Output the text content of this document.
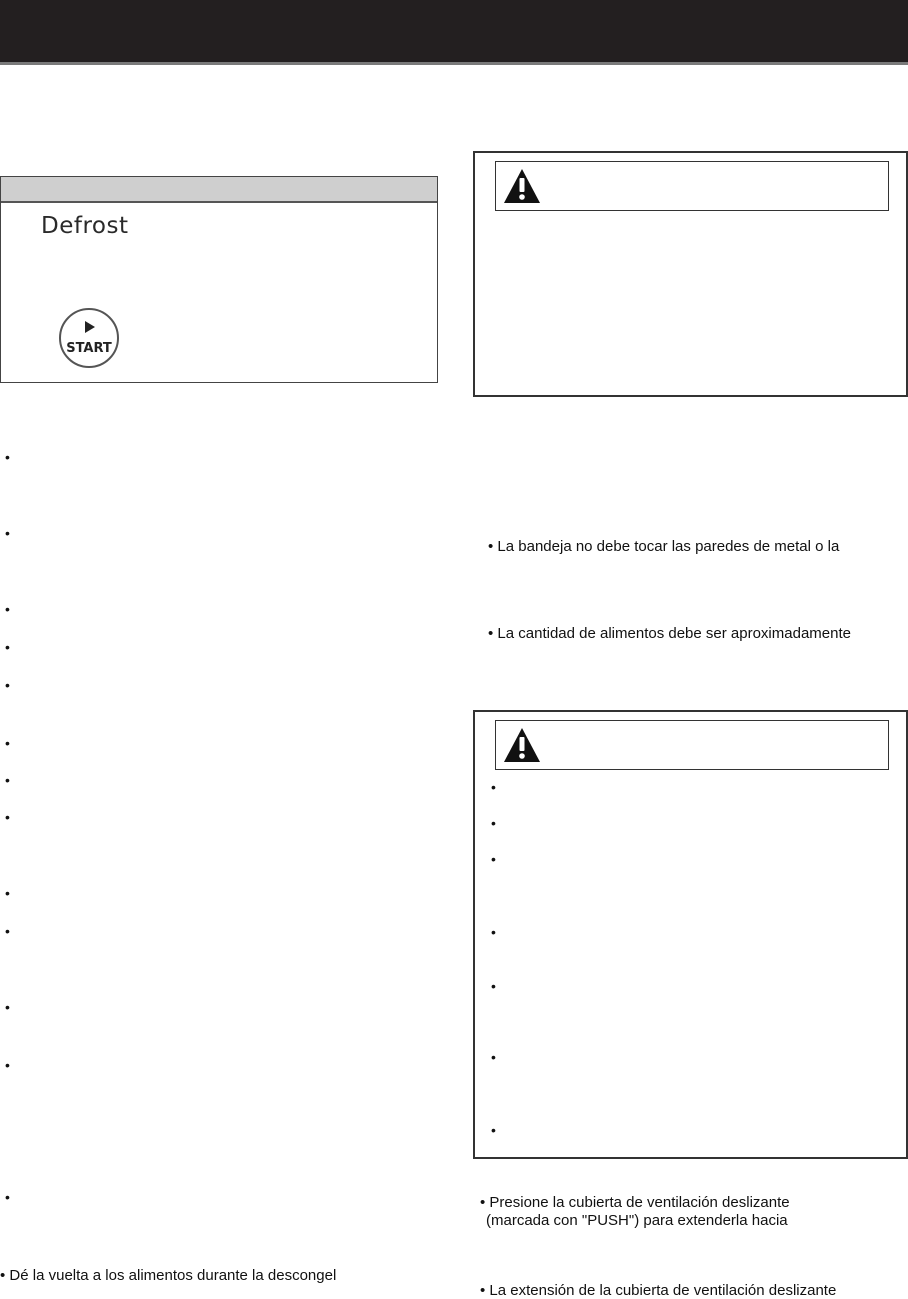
Defrost
START
•
•
•
•
•
•
•
•
•
•
•
•
•
• Dé la vuelta a los alimentos durante la descongel
• La bandeja no debe tocar las paredes de metal o la
• La cantidad de alimentos debe ser aproximadamente
•
•
•
•
•
•
•
• Presione la cubierta de ventilación deslizante
(marcada con "PUSH") para extenderla hacia
• La extensión de la cubierta de ventilación deslizante
